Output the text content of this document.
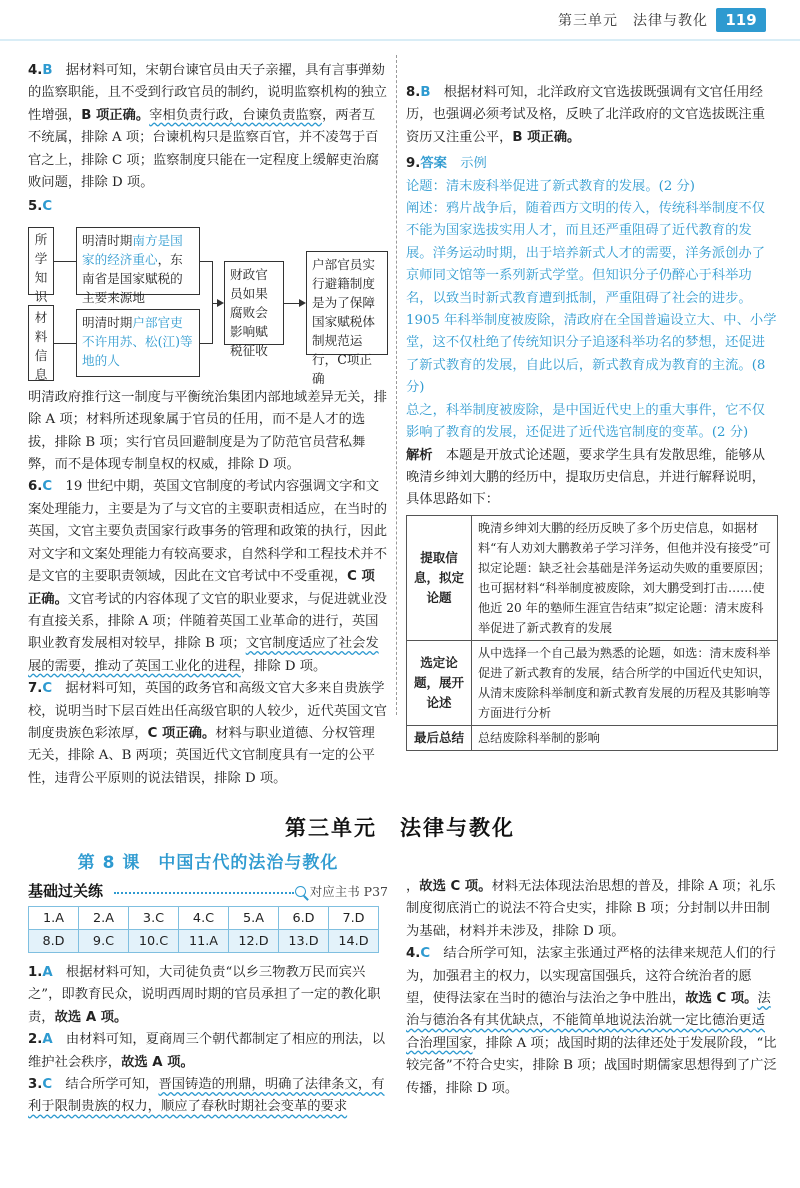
第三单元　法律与教化	119

4.B　据材料可知，宋朝台谏官员由天子亲擢，具有言事弹劾的监察职能，且不受到行政官员的制约，说明监察机构的独立性增强，B 项正确。宰相负责行政，台谏负责监察，两者互不统属，排除 A 项；台谏机构只是监察百官，并不凌驾于百官之上，排除 C 项；监察制度只能在一定程度上缓解吏治腐败问题，排除 D 项。

5.C

所学知识
明清时期南方是国家的经济重心，东南省是国家赋税的主要来源地
材料信息
明清时期户部官吏不许用苏、松(江)等地的人
财政官员如果腐败会影响赋税征收
户部官员实行避籍制度是为了保障国家赋税体制规范运行，C项正确

明清政府推行这一制度与平衡统治集团内部地域差异无关，排除 A 项；材料所述现象属于官员的任用，而不是人才的选拔，排除 B 项；实行官员回避制度是为了防范官员营私舞弊，而不是体现专制皇权的权威，排除 D 项。

6.C　19 世纪中期，英国文官制度的考试内容强调文字和文案处理能力，主要是为了与文官的主要职责相适应，在当时的英国，文官主要负责国家行政事务的管理和政策的执行，因此对文字和文案处理能力有较高要求，自然科学和工程技术并不是文官的主要职责领域，因此在文官考试中不受重视，C 项正确。文官考试的内容体现了文官的职业要求，与促进就业没有直接关系，排除 A 项；伴随着英国工业革命的进行，英国职业教育发展相对较早，排除 B 项；文官制度适应了社会发展的需要，推动了英国工业化的进程，排除 D 项。

7.C　据材料可知，英国的政务官和高级文官大多来自贵族学校，说明当时下层百姓出任高级官职的人较少，近代英国文官制度贵族色彩浓厚，C 项正确。材料与职业道德、分权管理无关，排除 A、B 两项；英国近代文官制度具有一定的公平性，违背公平原则的说法错误，排除 D 项。

8.B　根据材料可知，北洋政府文官选拔既强调有文官任用经历，也强调必须考试及格，反映了北洋政府的文官选拔既注重资历又注重公平，B 项正确。

9.答案　 示例

论题：清末废科举促进了新式教育的发展。(2 分)

阐述：鸦片战争后，随着西方文明的传入，传统科举制度不仅不能为国家选拔实用人才，而且还严重阻碍了近代教育的发展。洋务运动时期，出于培养新式人才的需要，洋务派创办了京师同文馆等一系列新式学堂。但知识分子仍醉心于科举功名，以致当时新式教育遭到抵制，严重阻碍了社会的进步。1905 年科举制度被废除，清政府在全国普遍设立大、中、小学堂，这不仅杜绝了传统知识分子追逐科举功名的梦想，还促进了新式教育的发展，自此以后，新式教育成为教育的主流。(8 分)

总之，科举制度被废除，是中国近代史上的重大事件，它不仅影响了教育的发展，还促进了近代选官制度的变革。(2 分)

解析　本题是开放式论述题，要求学生具有发散思维，能够从晚清乡绅刘大鹏的经历中，提取历史信息，并进行解释说明，具体思路如下：

提取信息，拟定论题	晚清乡绅刘大鹏的经历反映了多个历史信息，如据材料“有人劝刘大鹏教弟子学习洋务，但他并没有接受”可拟定论题：缺乏社会基础是洋务运动失败的重要原因；也可据材料“科举制度被废除，刘大鹏受到打击……使他近 20 年的塾师生涯宣告结束”拟定论题：清末废科举促进了新式教育的发展
选定论题，展开论述	从中选择一个自己最为熟悉的论题，如选：清末废科举促进了新式教育的发展，结合所学的中国近代史知识，从清末废除科举制度和新式教育发展的历程及其影响等方面进行分析
最后总结	总结废除科举制的影响
第三单元　法律与教化
第 8 课　中国古代的法治与教化
基础过关练	对应主书 P37
1.A	2.A	3.C	4.C	5.A	6.D	7.D
8.D	9.C	10.C	11.A	12.D	13.D	14.D

1.A　根据材料可知，大司徒负责“以乡三物教万民而宾兴之”，即教育民众，说明西周时期的官员承担了一定的教化职责，故选 A 项。

2.A　由材料可知，夏商周三个朝代都制定了相应的刑法，以维护社会秩序，故选 A 项。

3.C　结合所学可知，晋国铸造的刑鼎，明确了法律条文，有利于限制贵族的权力，顺应了春秋时期社会变革的要求

，故选 C 项。材料无法体现法治思想的普及，排除 A 项；礼乐制度彻底消亡的说法不符合史实，排除 B 项；分封制以井田制为基础，材料并未涉及，排除 D 项。

4.C　结合所学可知，法家主张通过严格的法律来规范人们的行为，加强君主的权力，以实现富国强兵，这符合统治者的愿望，使得法家在当时的德治与法治之争中胜出，故选 C 项。法治与德治各有其优缺点，不能简单地说法治就一定比德治更适合治理国家，排除 A 项；战国时期的法律还处于发展阶段，“比较完备”不符合史实，排除 B 项；战国时期儒家思想得到了广泛传播，排除 D 项。
